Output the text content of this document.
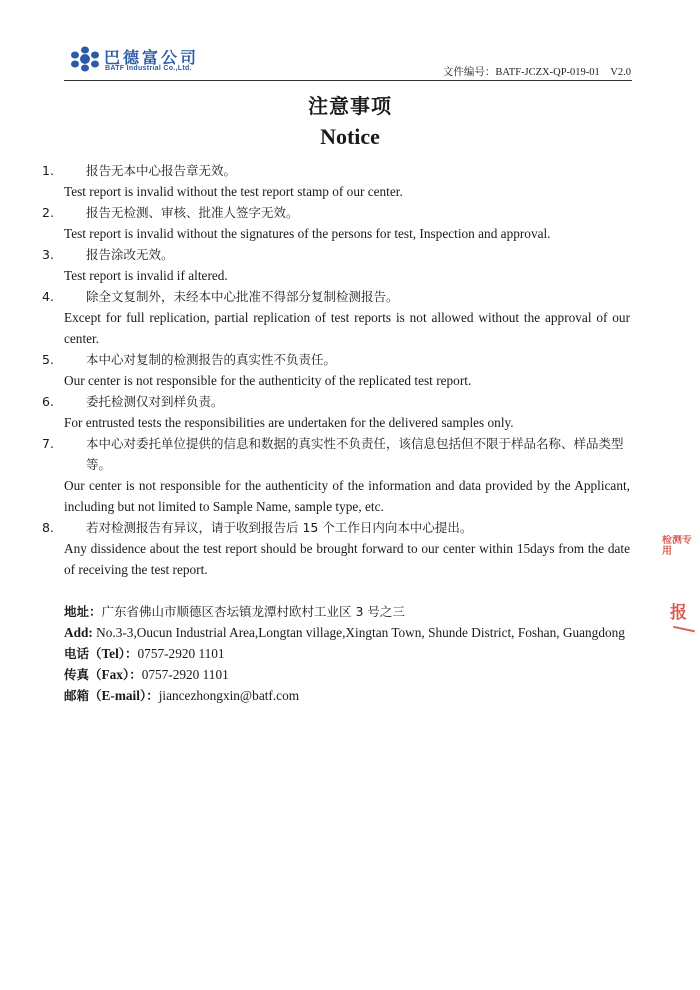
巴德富公司
BATF Industrial Co.,Ltd.	文件编号：BATF-JCZX-QP-019-01　V2.0
注意事项
Notice
1.	报告无本中心报告章无效。
Test report is invalid without the test report stamp of our center.
2.	报告无检测、审核、批准人签字无效。
Test report is invalid without the signatures of the persons for test, Inspection and approval.
3.	报告涂改无效。
Test report is invalid if altered.
4.	除全文复制外，未经本中心批准不得部分复制检测报告。
Except for full replication, partial replication of test reports is not allowed without the approval of our center.
5.	本中心对复制的检测报告的真实性不负责任。
Our center is not responsible for the authenticity of the replicated test report.
6.	委托检测仅对到样负责。
For entrusted tests the responsibilities are undertaken for the delivered samples only.
7.	本中心对委托单位提供的信息和数据的真实性不负责任，该信息包括但不限于样品名称、样品类型等。
Our center is not responsible for the authenticity of the information and data provided by the Applicant, including but not limited to Sample Name, sample type, etc.
8.	若对检测报告有异议，请于收到报告后 15 个工作日内向本中心提出。
Any dissidence about the test report should be brought forward to our center within 15days from the date of receiving the test report.
地址：广东省佛山市顺德区杏坛镇龙潭村欧村工业区 3 号之三
Add: No.3-3,Oucun Industrial Area,Longtan village,Xingtan Town, Shunde District, Foshan, Guangdong
电话（Tel）：0757-2920 1101
传真（Fax）：0757-2920 1101
邮箱（E-mail）：jiancezhongxin@batf.com
检测专用
报
